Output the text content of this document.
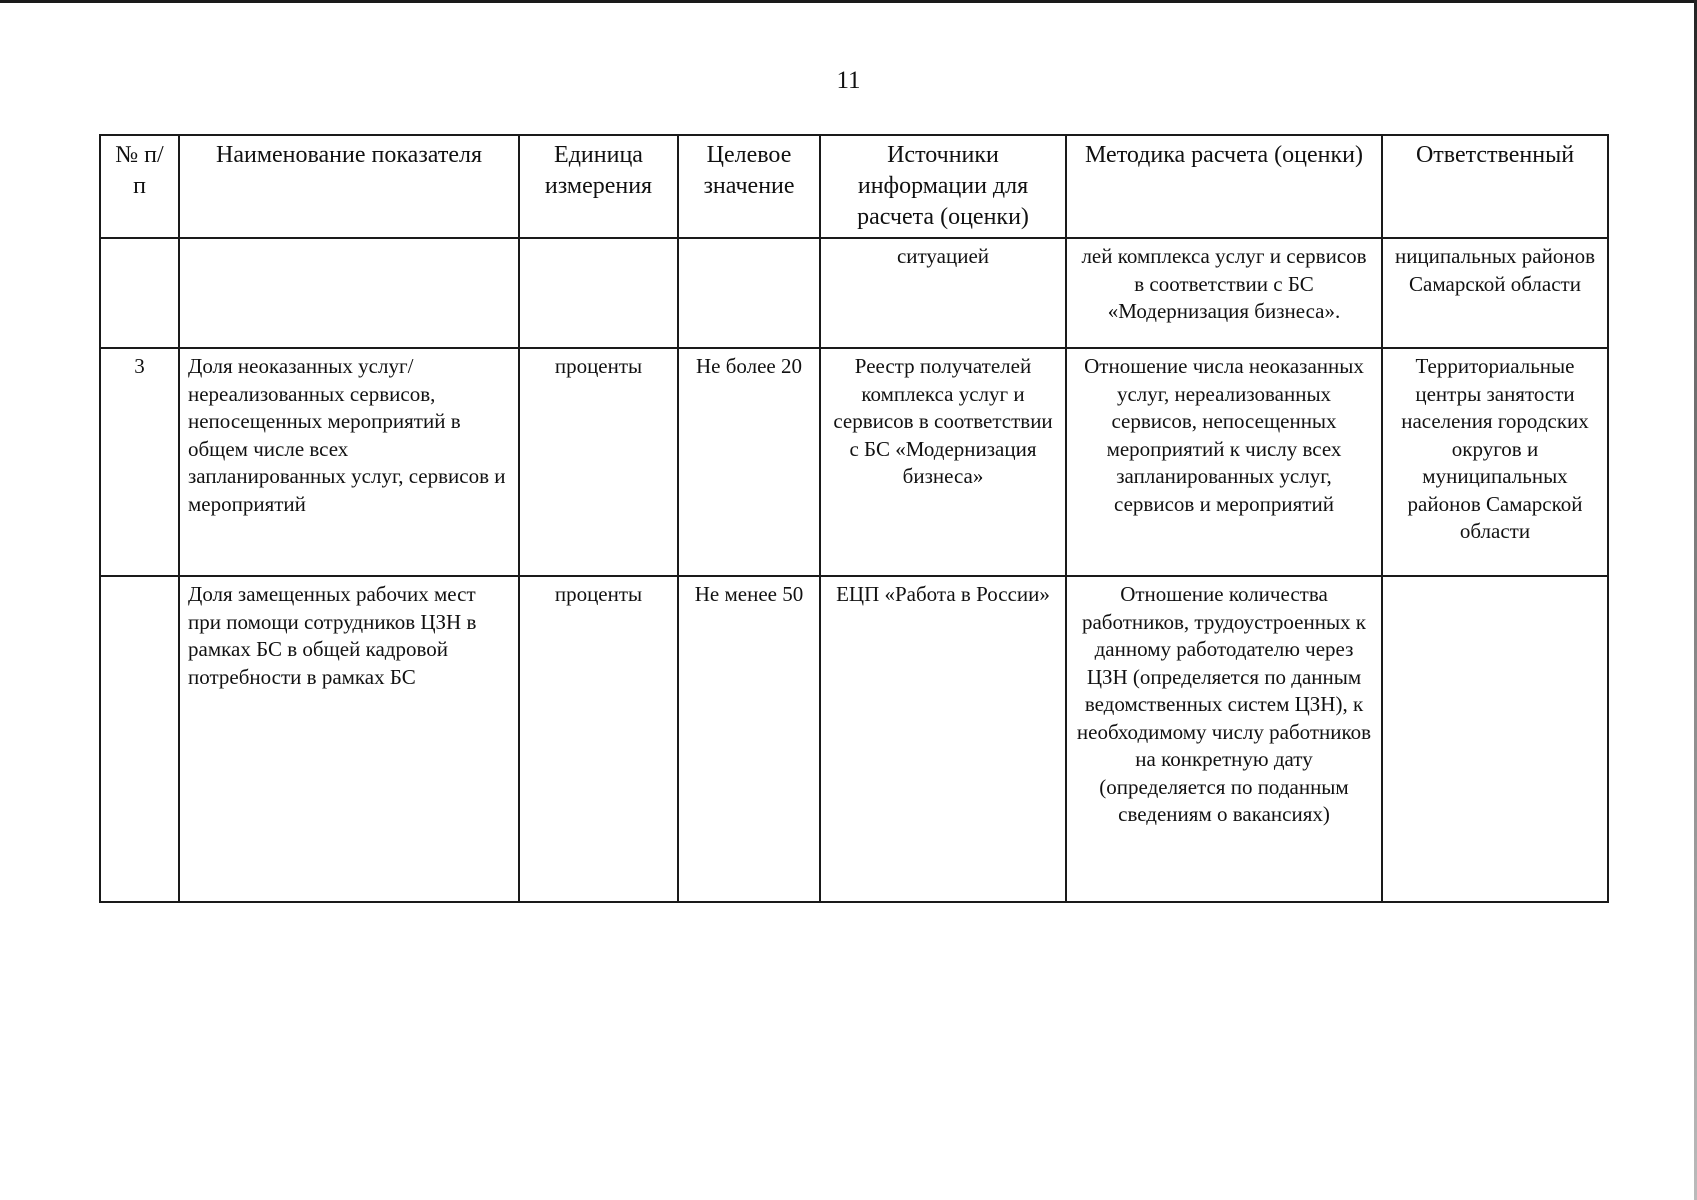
11
№ п/п	Наименование показателя	Единица измерения	Целевое значение	Источники информации для расчета (оценки)	Методика расчета (оценки)	Ответственный
				ситуацией	лей комплекса услуг и сервисов в соответствии с БС «Модернизация бизнеса».	ниципальных районов Самарской области
3	Доля неоказанных услуг/ нереализованных сервисов, непосещенных мероприятий в общем числе всех запланированных услуг, сервисов и мероприятий	проценты	Не более 20	Реестр получателей комплекса услуг и сервисов в соответствии с БС «Модернизация бизнеса»	Отношение числа неоказанных услуг, нереализованных сервисов, непосещенных мероприятий к числу всех запланированных услуг, сервисов и мероприятий	Территориальные центры занятости населения городских округов и муниципальных районов Самарской области
	Доля замещенных рабочих мест при помощи сотрудников ЦЗН в рамках БС в общей кадровой потребности в рамках БС	проценты	Не менее 50	ЕЦП «Работа в России»	Отношение количества работников, трудоустроенных к данному работодателю через ЦЗН (определяется по данным ведомственных систем ЦЗН), к необходимому числу работников на конкретную дату (определяется по поданным сведениям о вакансиях)	
